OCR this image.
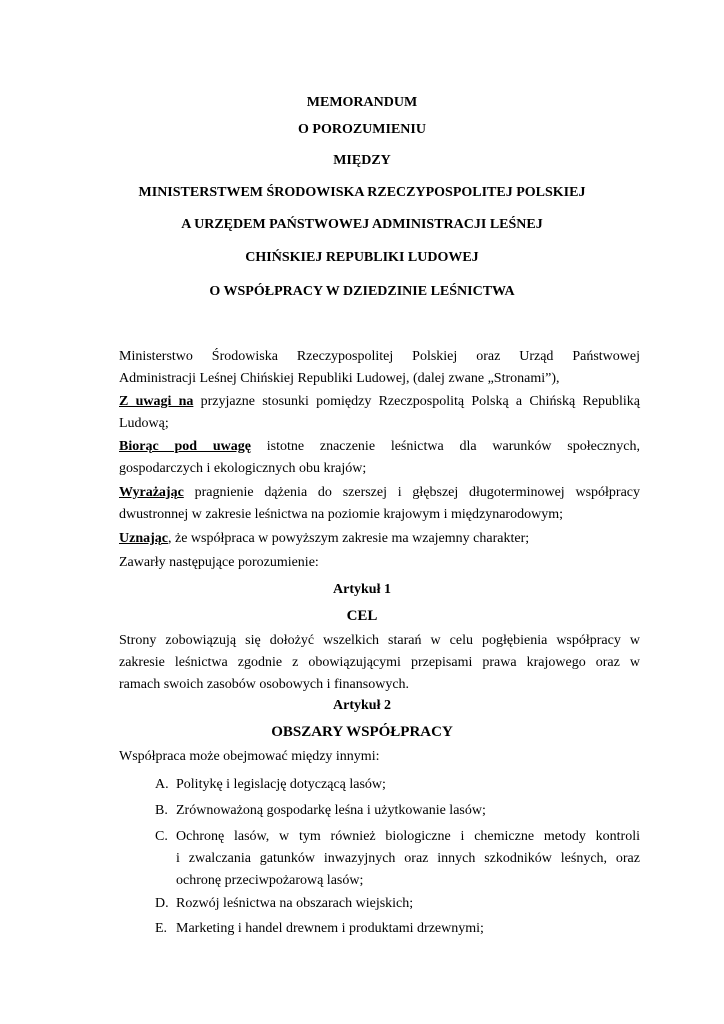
MEMORANDUM
O POROZUMIENIU
MIĘDZY
MINISTERSTWEM ŚRODOWISKA RZECZYPOSPOLITEJ POLSKIEJ
A URZĘDEM PAŃSTWOWEJ ADMINISTRACJI LEŚNEJ
CHIŃSKIEJ REPUBLIKI LUDOWEJ
O WSPÓŁPRACY W DZIEDZINIE LEŚNICTWA
Ministerstwo Środowiska Rzeczypospolitej Polskiej oraz Urząd Państwowej
Administracji Leśnej Chińskiej Republiki Ludowej, (dalej zwane „Stronami”),
Z uwagi na przyjazne stosunki pomiędzy Rzeczpospolitą Polską a Chińską Republiką
Ludową;
Biorąc pod uwagę istotne znaczenie leśnictwa dla warunków społecznych,
gospodarczych i ekologicznych obu krajów;
Wyrażając pragnienie dążenia do szerszej i głębszej długoterminowej współpracy
dwustronnej w zakresie leśnictwa na poziomie krajowym i międzynarodowym;
Uznając, że współpraca w powyższym zakresie ma wzajemny charakter;
Zawarły następujące porozumienie:
Artykuł 1
CEL
Strony zobowiązują się dołożyć wszelkich starań w celu pogłębienia współpracy w
zakresie leśnictwa zgodnie z obowiązującymi przepisami prawa krajowego oraz w
ramach swoich zasobów osobowych i finansowych.
Artykuł 2
OBSZARY WSPÓŁPRACY
Współpraca może obejmować między innymi:
A. Politykę i legislację dotyczącą lasów;
B. Zrównoważoną gospodarkę leśna i użytkowanie lasów;
C. Ochronę lasów, w tym również biologiczne i chemiczne metody kontroli
i zwalczania gatunków inwazyjnych oraz innych szkodników leśnych, oraz
ochronę przeciwpożarową lasów;
D. Rozwój leśnictwa na obszarach wiejskich;
E. Marketing i handel drewnem i produktami drzewnymi;
